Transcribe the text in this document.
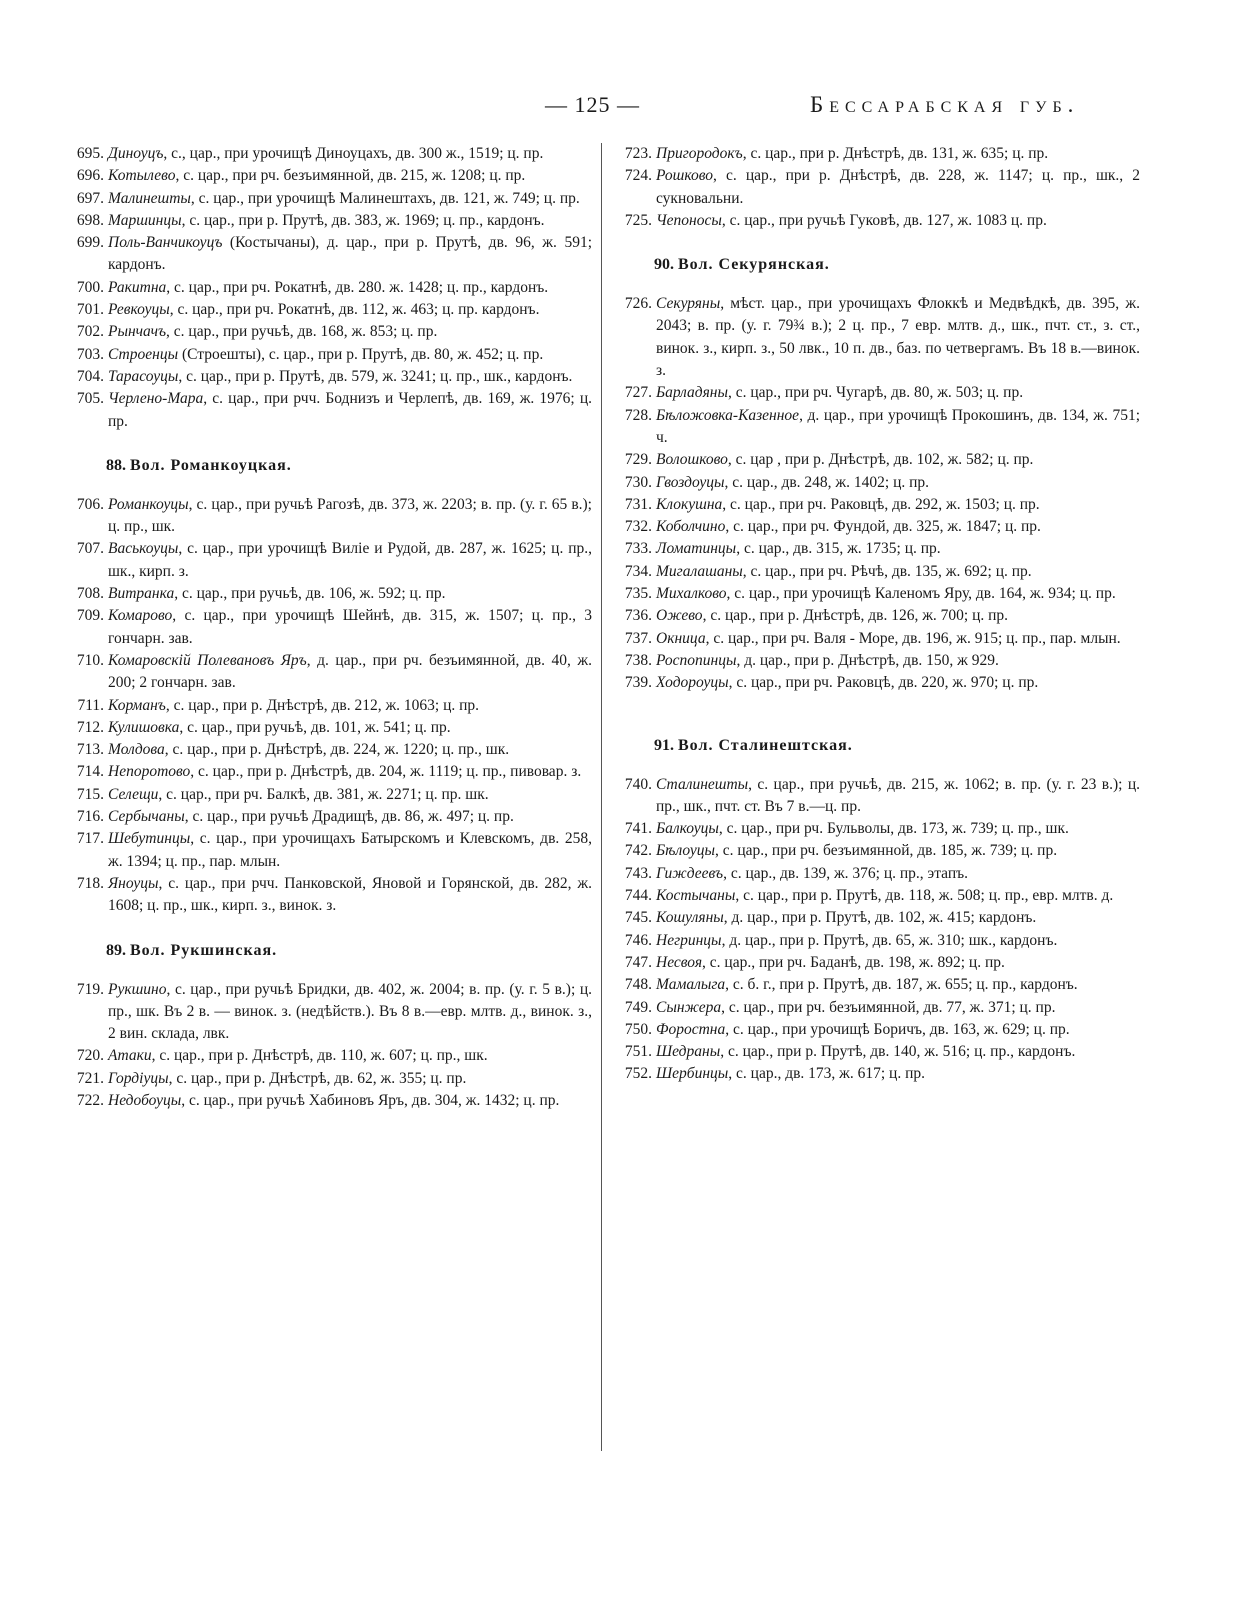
— 125 —	Бессарабская губ.
695. Диноуцъ, с., цар., при урочищѣ Диноуцахъ, дв. 300 ж., 1519; ц. пр.
696. Котылево, с. цар., при рч. безъимянной, дв. 215, ж. 1208; ц. пр.
697. Малинешты, с. цар., при урочищѣ Малинештахъ, дв. 121, ж. 749; ц. пр.
698. Маршинцы, с. цар., при р. Прутѣ, дв. 383, ж. 1969; ц. пр., кардонъ.
699. Поль-Ванчикоуцъ (Костычаны), д. цар., при р. Прутѣ, дв. 96, ж. 591; кардонъ.
700. Ракитна, с. цар., при рч. Рокатнѣ, дв. 280. ж. 1428; ц. пр., кардонъ.
701. Ревкоуцы, с. цар., при рч. Рокатнѣ, дв. 112, ж. 463; ц. пр. кардонъ.
702. Рынчачъ, с. цар., при ручьѣ, дв. 168, ж. 853; ц. пр.
703. Строенцы (Строешты), с. цар., при р. Прутѣ, дв. 80, ж. 452; ц. пр.
704. Тарасоуцы, с. цар., при р. Прутѣ, дв. 579, ж. 3241; ц. пр., шк., кардонъ.
705. Черлено-Мара, с. цар., при рчч. Боднизъ и Черлепѣ, дв. 169, ж. 1976; ц. пр.
88. Вол. Романкоуцкая.
706. Романкоуцы, с. цар., при ручьѣ Рагозѣ, дв. 373, ж. 2203; в. пр. (у. г. 65 в.); ц. пр., шк.
707. Васькоуцы, с. цар., при урочищѣ Виліе и Рудой, дв. 287, ж. 1625; ц. пр., шк., кирп. з.
708. Витранка, с. цар., при ручьѣ, дв. 106, ж. 592; ц. пр.
709. Комарово, с. цар., при урочищѣ Шейнѣ, дв. 315, ж. 1507; ц. пр., 3 гончарн. зав.
710. Комаровскій Полевановъ Яръ, д. цар., при рч. безъимянной, дв. 40, ж. 200; 2 гончарн. зав.
711. Корманъ, с. цар., при р. Днѣстрѣ, дв. 212, ж. 1063; ц. пр.
712. Кулишовка, с. цар., при ручьѣ, дв. 101, ж. 541; ц. пр.
713. Молдова, с. цар., при р. Днѣстрѣ, дв. 224, ж. 1220; ц. пр., шк.
714. Непоротово, с. цар., при р. Днѣстрѣ, дв. 204, ж. 1119; ц. пр., пивовар. з.
715. Селещи, с. цар., при рч. Балкѣ, дв. 381, ж. 2271; ц. пр. шк.
716. Сербычаны, с. цар., при ручьѣ Драдищѣ, дв. 86, ж. 497; ц. пр.
717. Шебутинцы, с. цар., при урочищахъ Батырскомъ и Клевскомъ, дв. 258, ж. 1394; ц. пр., пар. млын.
718. Яноуцы, с. цар., при рчч. Панковской, Яновой и Горянской, дв. 282, ж. 1608; ц. пр., шк., кирп. з., винок. з.
89. Вол. Рукшинская.
719. Рукшино, с. цар., при ручьѣ Бридки, дв. 402, ж. 2004; в. пр. (у. г. 5 в.); ц. пр., шк. Въ 2 в. — винок. з. (недѣйств.). Въ 8 в.—евр. млтв. д., винок. з., 2 вин. склада, лвк.
720. Атаки, с. цар., при р. Днѣстрѣ, дв. 110, ж. 607; ц. пр., шк.
721. Гордіуцы, с. цар., при р. Днѣстрѣ, дв. 62, ж. 355; ц. пр.
722. Недобоуцы, с. цар., при ручьѣ Хабиновъ Яръ, дв. 304, ж. 1432; ц. пр.
723. Пригородокъ, с. цар., при р. Днѣстрѣ, дв. 131, ж. 635; ц. пр.
724. Рошково, с. цар., при р. Днѣстрѣ, дв. 228, ж. 1147; ц. пр., шк., 2 сукновальни.
725. Чепоносы, с. цар., при ручьѣ Гуковѣ, дв. 127, ж. 1083 ц. пр.
90. Вол. Секурянская.
726. Секуряны, мѣст. цар., при урочищахъ Флоккѣ и Медвѣдкѣ, дв. 395, ж. 2043; в. пр. (у. г. 79¾ в.); 2 ц. пр., 7 евр. млтв. д., шк., пчт. ст., з. ст., винок. з., кирп. з., 50 лвк., 10 п. дв., баз. по четвергамъ. Въ 18 в.—винок. з.
727. Барладяны, с. цар., при рч. Чугарѣ, дв. 80, ж. 503; ц. пр.
728. Бѣложовка-Казенное, д. цар., при урочищѣ Прокошинъ, дв. 134, ж. 751; ч.
729. Волошково, с. цар , при р. Днѣстрѣ, дв. 102, ж. 582; ц. пр.
730. Гвоздоуцы, с. цар., дв. 248, ж. 1402; ц. пр.
731. Клокушна, с. цар., при рч. Раковцѣ, дв. 292, ж. 1503; ц. пр.
732. Коболчино, с. цар., при рч. Фундой, дв. 325, ж. 1847; ц. пр.
733. Ломатинцы, с. цар., дв. 315, ж. 1735; ц. пр.
734. Мигалашаны, с. цар., при рч. Рѣчѣ, дв. 135, ж. 692; ц. пр.
735. Михалково, с. цар., при урочищѣ Каленомъ Яру, дв. 164, ж. 934; ц. пр.
736. Ожево, с. цар., при р. Днѣстрѣ, дв. 126, ж. 700; ц. пр.
737. Окница, с. цар., при рч. Валя - Море, дв. 196, ж. 915; ц. пр., пар. млын.
738. Роспопинцы, д. цар., при р. Днѣстрѣ, дв. 150, ж 929.
739. Ходороуцы, с. цар., при рч. Раковцѣ, дв. 220, ж. 970; ц. пр.
91. Вол. Сталинештская.
740. Сталинешты, с. цар., при ручьѣ, дв. 215, ж. 1062; в. пр. (у. г. 23 в.); ц. пр., шк., пчт. ст. Въ 7 в.—ц. пр.
741. Балкоуцы, с. цар., при рч. Бульволы, дв. 173, ж. 739; ц. пр., шк.
742. Бѣлоуцы, с. цар., при рч. безъимянной, дв. 185, ж. 739; ц. пр.
743. Гиждеевъ, с. цар., дв. 139, ж. 376; ц. пр., этапъ.
744. Костычаны, с. цар., при р. Прутѣ, дв. 118, ж. 508; ц. пр., евр. млтв. д.
745. Кошуляны, д. цар., при р. Прутѣ, дв. 102, ж. 415; кардонъ.
746. Негринцы, д. цар., при р. Прутѣ, дв. 65, ж. 310; шк., кардонъ.
747. Несвоя, с. цар., при рч. Баданѣ, дв. 198, ж. 892; ц. пр.
748. Мамалыга, с. б. г., при р. Прутѣ, дв. 187, ж. 655; ц. пр., кардонъ.
749. Сынжера, с. цар., при рч. безъимянной, дв. 77, ж. 371; ц. пр.
750. Форостна, с. цар., при урочищѣ Боричъ, дв. 163, ж. 629; ц. пр.
751. Шедраны, с. цар., при р. Прутѣ, дв. 140, ж. 516; ц. пр., кардонъ.
752. Шербинцы, с. цар., дв. 173, ж. 617; ц. пр.
